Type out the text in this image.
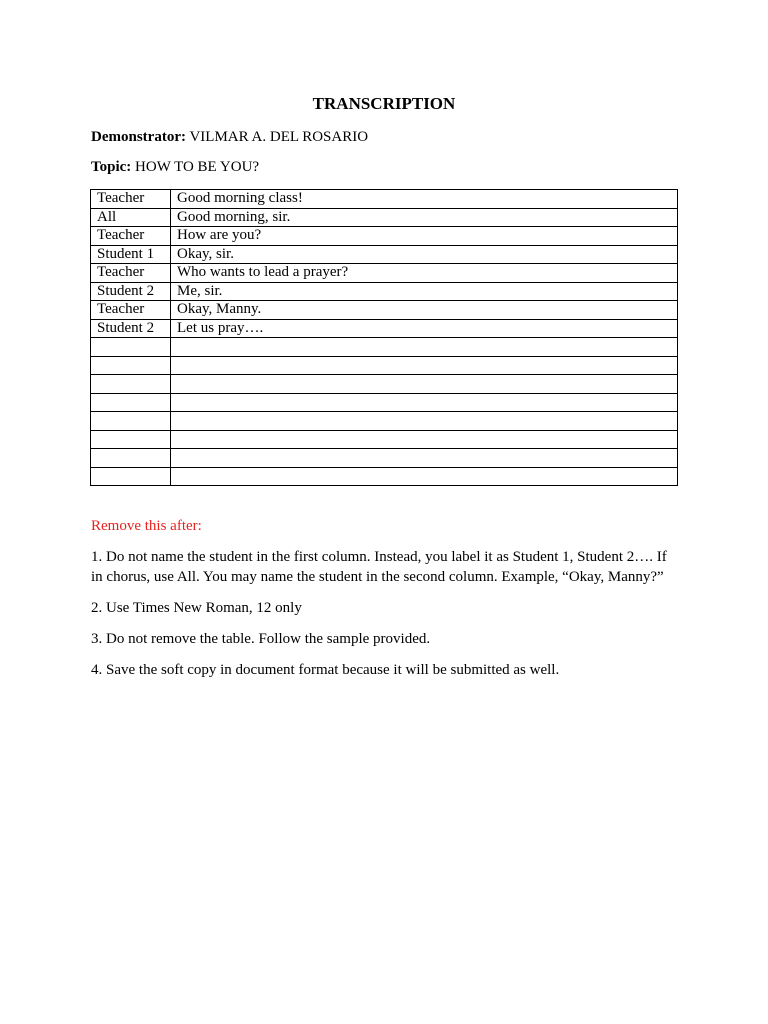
TRANSCRIPTION
Demonstrator: VILMAR A. DEL ROSARIO
Topic: HOW TO BE YOU?
Teacher	Good morning class!
All	Good morning, sir.
Teacher	How are you?
Student 1	Okay, sir.
Teacher	Who wants to lead a prayer?
Student 2	Me, sir.
Teacher	Okay, Manny.
Student 2	Let us pray….

Remove this after:
1. Do not name the student in the first column. Instead, you label it as Student 1, Student 2…. If in chorus, use All. You may name the student in the second column. Example, “Okay, Manny?”
2. Use Times New Roman, 12 only
3. Do not remove the table. Follow the sample provided.
4. Save the soft copy in document format because it will be submitted as well.
